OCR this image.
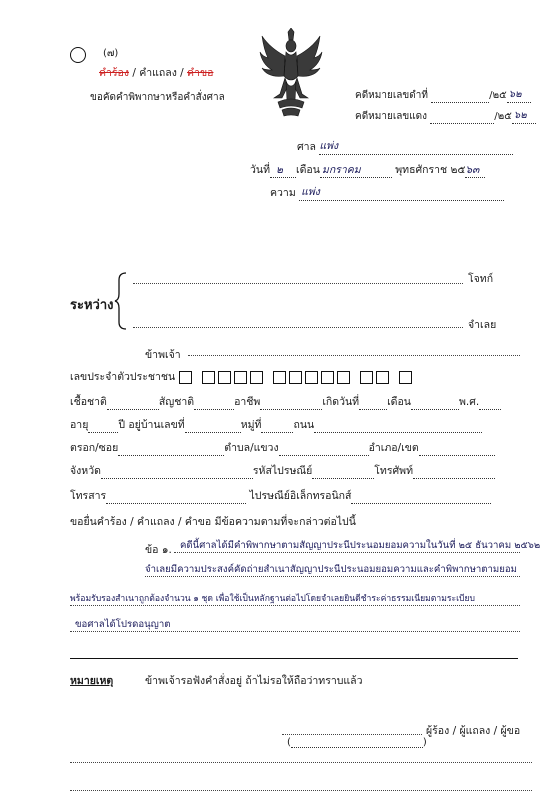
(๗)
คำร้อง / คำแถลง / คำขอ
ขอคัดคำพิพากษาหรือคำสั่งศาล	คดีหมายเลขดำที่	/๒๕ ๖๒
คดีหมายเลขแดง	/๒๕ ๖๒
ศาล แพ่ง
วันที่ ๒ เดือน มกราคม	พุทธศักราช ๒๕ ๖๓
ความ แพ่ง
ระหว่าง
โจทก์
จำเลย
ข้าพเจ้า
เลขประจำตัวประชาชน
เชื้อชาติ	สัญชาติ	อาชีพ	เกิดวันที่	เดือน	พ.ศ.
อายุ	ปี อยู่บ้านเลขที่	หมู่ที่	ถนน
ตรอก/ซอย	ตำบล/แขวง	อำเภอ/เขต
จังหวัด	รหัสไปรษณีย์	โทรศัพท์
โทรสาร	ไปรษณีย์อิเล็กทรอนิกส์
ขอยื่นคำร้อง / คำแถลง / คำขอ มีข้อความตามที่จะกล่าวต่อไปนี้
ข้อ ๑. คดีนี้ศาลได้มีคำพิพากษาตามสัญญาประนีประนอมยอมความในวันที่ ๒๕ ธันวาคม ๒๕๖๒
จำเลยมีความประสงค์คัดถ่ายสำเนาสัญญาประนีประนอมยอมความและคำพิพากษาตามยอม
พร้อมรับรองสำเนาถูกต้องจำนวน ๑ ชุด เพื่อใช้เป็นหลักฐานต่อไปโดยจำเลยยินดีชำระค่าธรรมเนียมตามระเบียบ
ขอศาลได้โปรดอนุญาต
หมายเหตุ	ข้าพเจ้ารอฟังคำสั่งอยู่ ถ้าไม่รอให้ถือว่าทราบแล้ว
ผู้ร้อง / ผู้แถลง / ผู้ขอ
(	)
